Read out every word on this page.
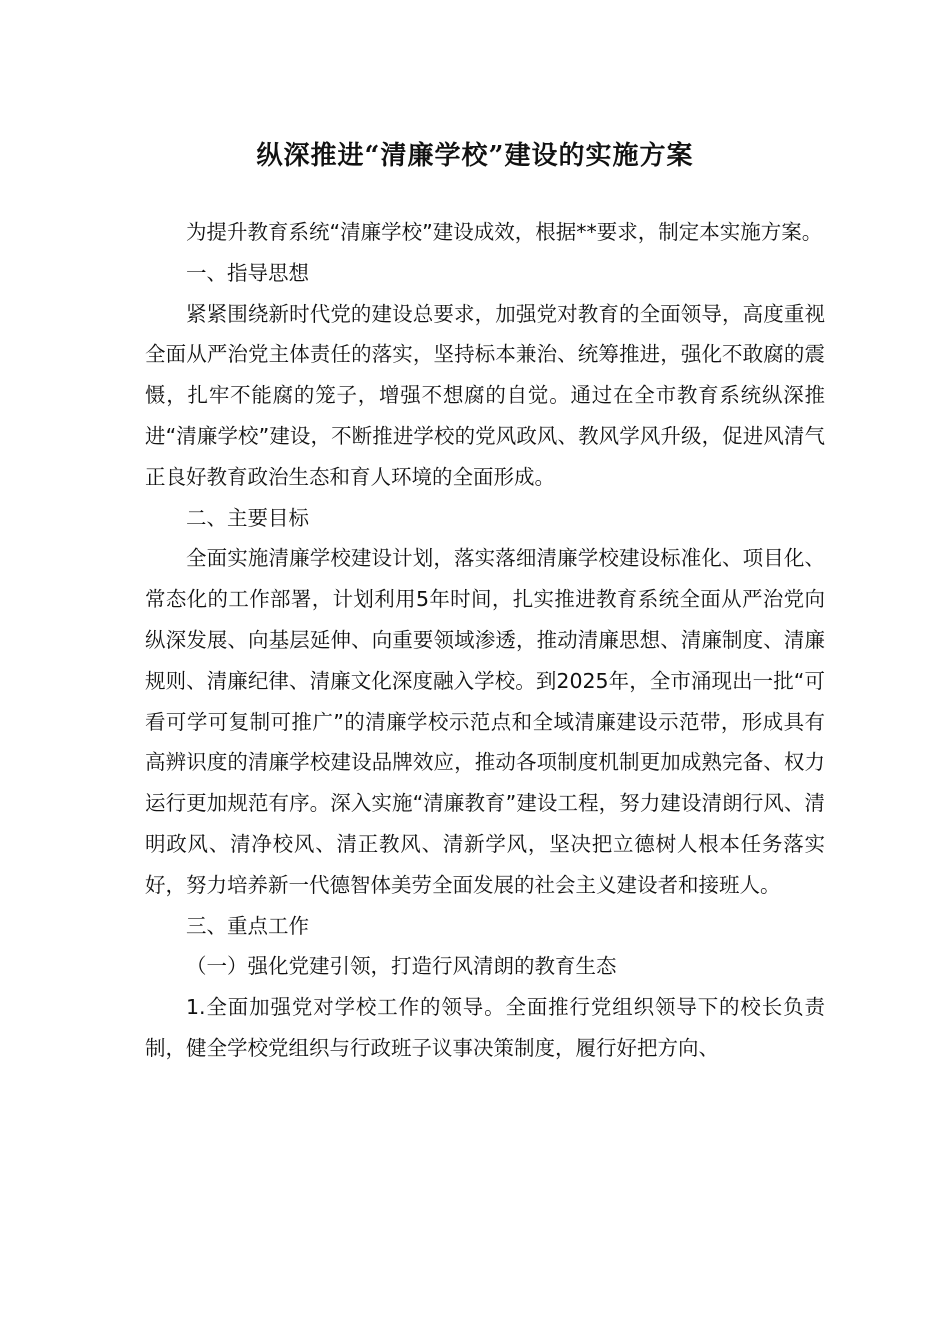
纵深推进“清廉学校”建设的实施方案

为提升教育系统“清廉学校”建设成效，根据**要求，制定本实施方案。

一、指导思想

紧紧围绕新时代党的建设总要求，加强党对教育的全面领导，高度重视全面从严治党主体责任的落实，坚持标本兼治、统筹推进，强化不敢腐的震慑，扎牢不能腐的笼子，增强不想腐的自觉。通过在全市教育系统纵深推进“清廉学校”建设，不断推进学校的党风政风、教风学风升级，促进风清气正良好教育政治生态和育人环境的全面形成。

二、主要目标

全面实施清廉学校建设计划，落实落细清廉学校建设标准化、项目化、常态化的工作部署，计划利用5年时间，扎实推进教育系统全面从严治党向纵深发展、向基层延伸、向重要领域渗透，推动清廉思想、清廉制度、清廉规则、清廉纪律、清廉文化深度融入学校。到2025年，全市涌现出一批“可看可学可复制可推广”的清廉学校示范点和全域清廉建设示范带，形成具有高辨识度的清廉学校建设品牌效应，推动各项制度机制更加成熟完备、权力运行更加规范有序。深入实施“清廉教育”建设工程，努力建设清朗行风、清明政风、清净校风、清正教风、清新学风，坚决把立德树人根本任务落实好，努力培养新一代德智体美劳全面发展的社会主义建设者和接班人。

三、重点工作

（一）强化党建引领，打造行风清朗的教育生态

1.全面加强党对学校工作的领导。全面推行党组织领导下的校长负责制，健全学校党组织与行政班子议事决策制度，履行好把方向、
